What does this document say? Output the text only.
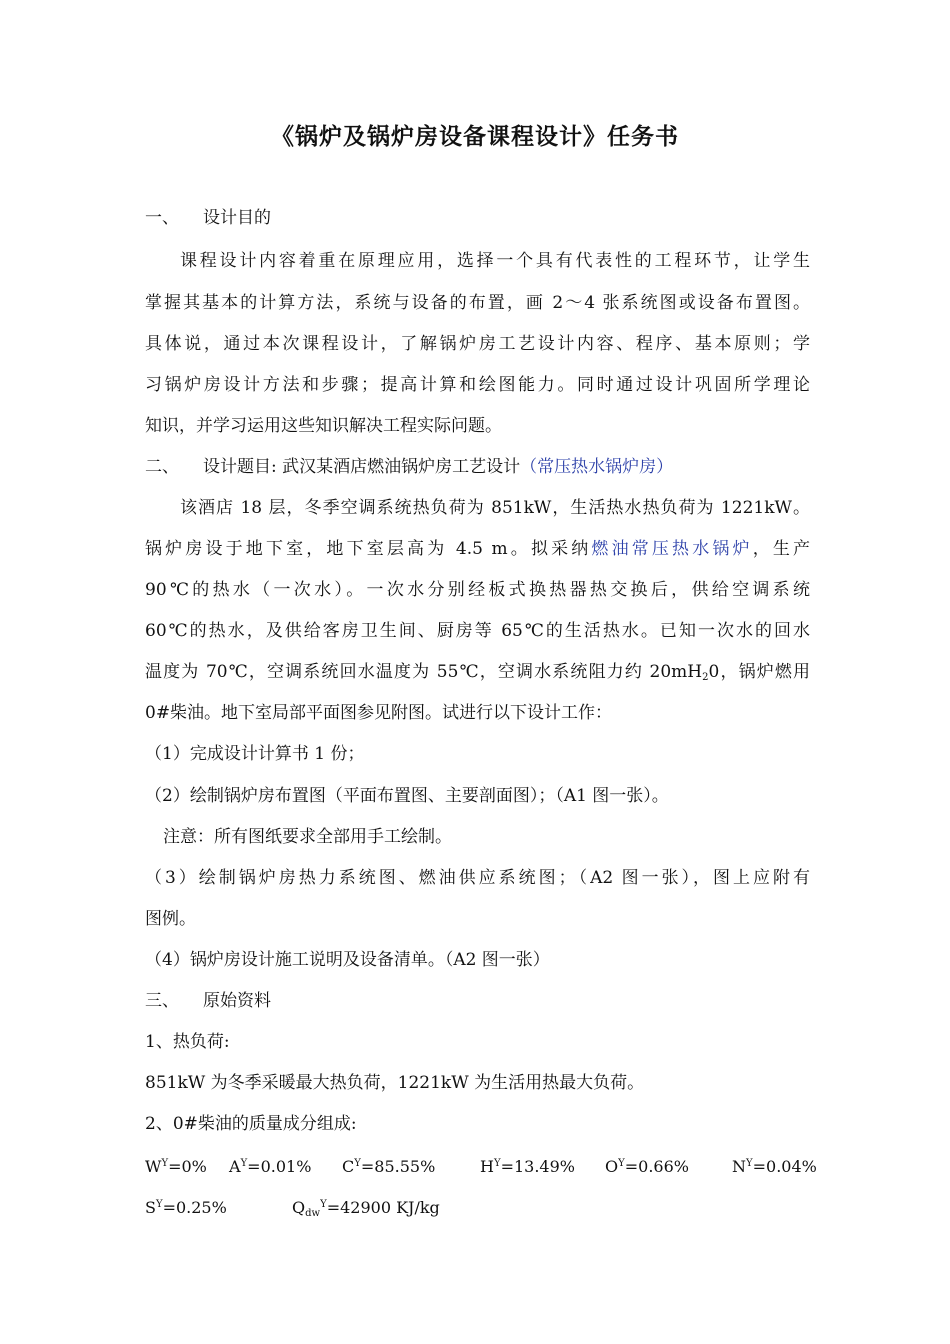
《锅炉及锅炉房设备课程设计》任务书
一、 设计目的
课程设计内容着重在原理应用，选择一个具有代表性的工程环节，让学生
掌握其基本的计算方法，系统与设备的布置，画 2～4 张系统图或设备布置图。
具体说，通过本次课程设计，了解锅炉房工艺设计内容、程序、基本原则；学
习锅炉房设计方法和步骤；提高计算和绘图能力。同时通过设计巩固所学理论
知识，并学习运用这些知识解决工程实际问题。
二、 设计题目: 武汉某酒店燃油锅炉房工艺设计（常压热水锅炉房）
该酒店 18 层，冬季空调系统热负荷为 851kW，生活热水热负荷为 1221kW。
锅炉房设于地下室，地下室层高为 4.5 m。拟采纳燃油常压热水锅炉，生产
90℃的热水（一次水）。一次水分别经板式换热器热交换后，供给空调系统
60℃的热水，及供给客房卫生间、厨房等 65℃的生活热水。已知一次水的回水
温度为 70℃，空调系统回水温度为 55℃，空调水系统阻力约 $20mH_20$，锅炉燃用
0#柴油。地下室局部平面图参见附图。试进行以下设计工作：
（1）完成设计计算书 1 份；
（2）绘制锅炉房布置图（平面布置图、主要剖面图）；（A1 图一张）。
注意：所有图纸要求全部用手工绘制。
（3）绘制锅炉房热力系统图、燃油供应系统图；（A2 图一张），图上应附有
图例。
（4）锅炉房设计施工说明及设备清单。（A2 图一张）
三、 原始资料
1、热负荷:
851kW 为冬季采暖最大热负荷，1221kW 为生活用热最大负荷。
2、0#柴油的质量成分组成:
$W^Y=0\%$ $A^Y=0.01\%$ $C^Y=85.55\%$	$H^Y=13.49\%$ $O^Y=0.66\%$	$N^Y=0.04\%$
$S^Y=0.25\%$	$Q_{dw}^Y=42900$ KJ/kg
